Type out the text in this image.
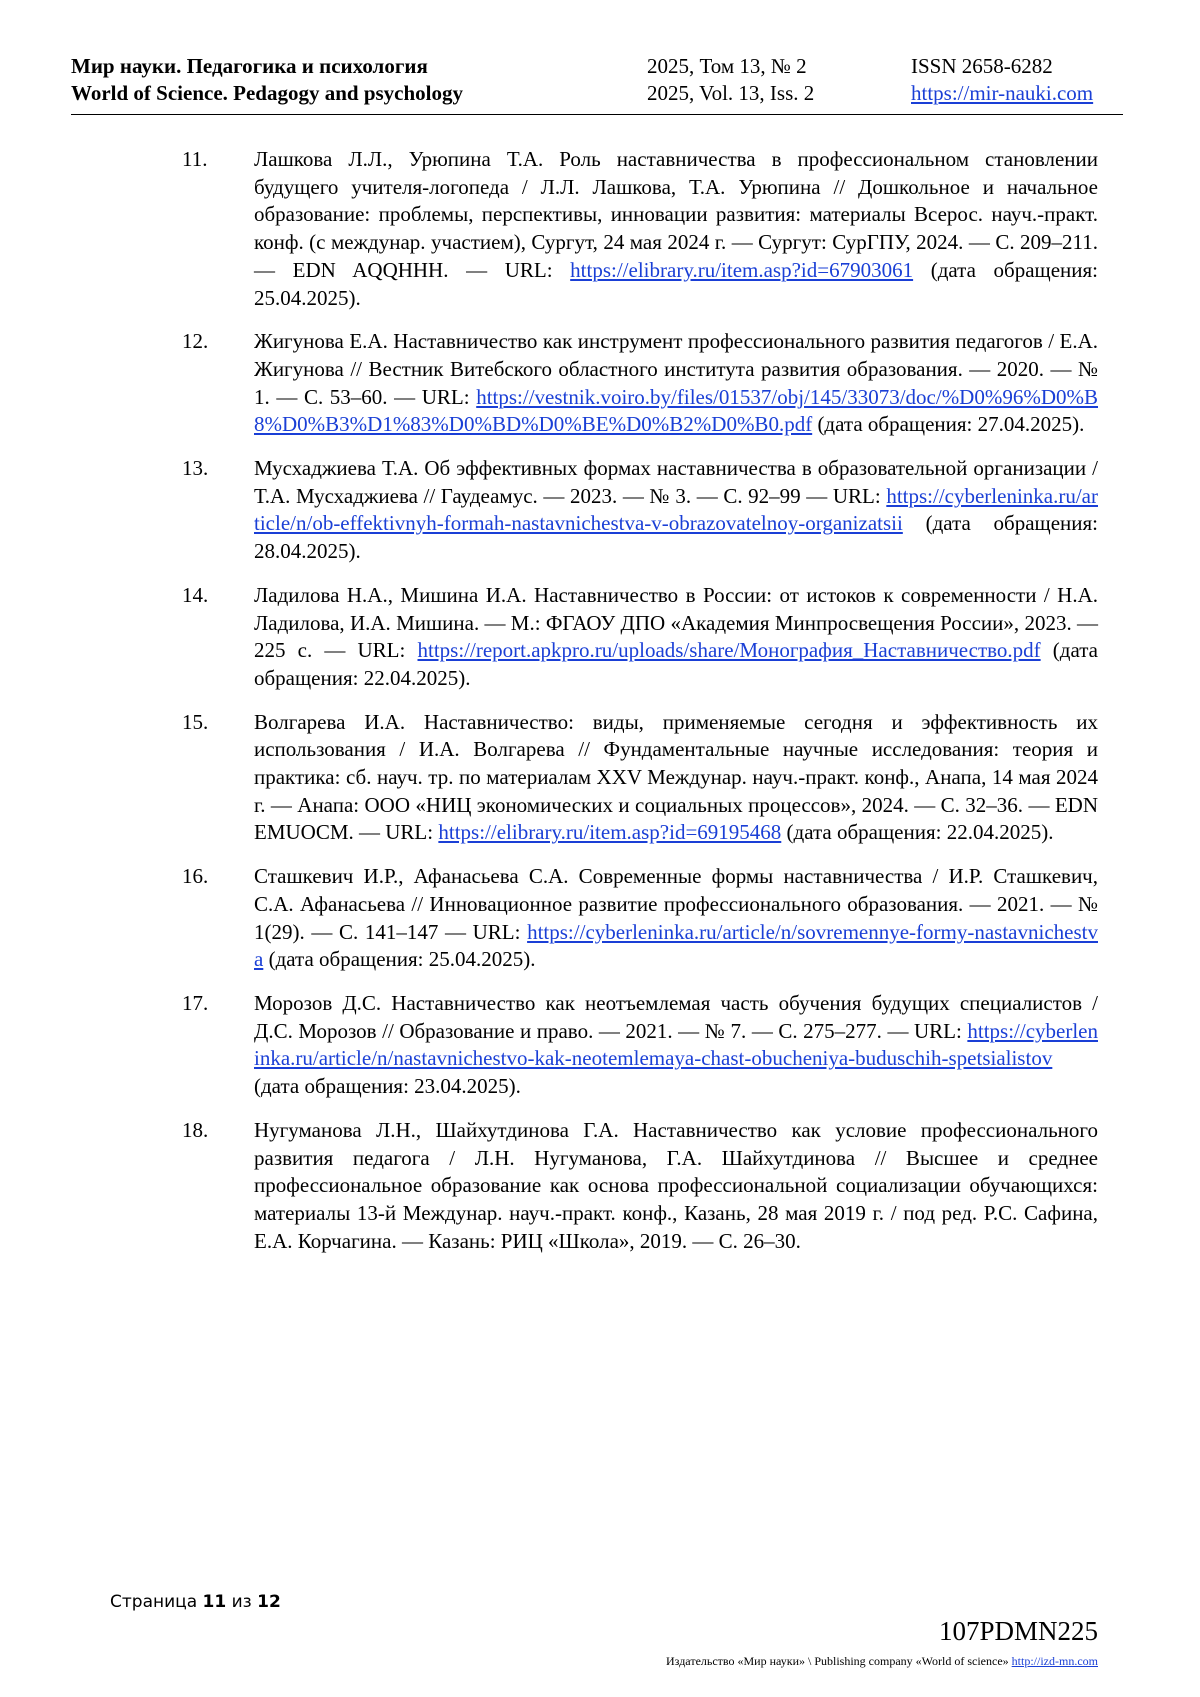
Мир науки. Педагогика и психология	2025, Том 13, № 2	ISSN 2658-6282
World of Science. Pedagogy and psychology	2025, Vol. 13, Iss. 2	https://mir-nauki.com
11. Лашкова Л.Л., Урюпина Т.А. Роль наставничества в профессиональном становлении будущего учителя-логопеда / Л.Л. Лашкова, Т.А. Урюпина // Дошкольное и начальное образование: проблемы, перспективы, инновации развития: материалы Всерос. науч.-практ. конф. (с междунар. участием), Сургут, 24 мая 2024 г. — Сургут: СурГПУ, 2024. — С. 209–211. — EDN AQQHHH. — URL: https://elibrary.ru/item.asp?id=67903061 (дата обращения: 25.04.2025).
12. Жигунова Е.А. Наставничество как инструмент профессионального развития педагогов / Е.А. Жигунова // Вестник Витебского областного института развития образования. — 2020. — № 1. — С. 53–60. — URL: https://vestnik.voiro.by/files/01537/obj/145/33073/doc/%D0%96%D0%B8%D0%B3%D1%83%D0%BD%D0%BE%D0%B2%D0%B0.pdf (дата обращения: 27.04.2025).
13. Мусхаджиева Т.А. Об эффективных формах наставничества в образовательной организации / Т.А. Мусхаджиева // Гаудеамус. — 2023. — № 3. — С. 92–99 — URL: https://cyberleninka.ru/article/n/ob-effektivnyh-formah-nastavnichestva-v-obrazovatelnoy-organizatsii (дата обращения: 28.04.2025).
14. Ладилова Н.А., Мишина И.А. Наставничество в России: от истоков к современности / Н.А. Ладилова, И.А. Мишина. — М.: ФГАОУ ДПО «Академия Минпросвещения России», 2023. — 225 с. — URL: https://report.apkpro.ru/uploads/share/Монография_Наставничество.pdf (дата обращения: 22.04.2025).
15. Волгарева И.А. Наставничество: виды, применяемые сегодня и эффективность их использования / И.А. Волгарева // Фундаментальные научные исследования: теория и практика: сб. науч. тр. по материалам XXV Междунар. науч.-практ. конф., Анапа, 14 мая 2024 г. — Анапа: ООО «НИЦ экономических и социальных процессов», 2024. — С. 32–36. — EDN EMUOCM. — URL: https://elibrary.ru/item.asp?id=69195468 (дата обращения: 22.04.2025).
16. Сташкевич И.Р., Афанасьева С.А. Современные формы наставничества / И.Р. Сташкевич, С.А. Афанасьева // Инновационное развитие профессионального образования. — 2021. — № 1(29). — С. 141–147 — URL: https://cyberleninka.ru/article/n/sovremennye-formy-nastavnichestva (дата обращения: 25.04.2025).
17. Морозов Д.С. Наставничество как неотъемлемая часть обучения будущих специалистов / Д.С. Морозов // Образование и право. — 2021. — № 7. — С. 275–277. — URL: https://cyberleninka.ru/article/n/nastavnichestvo-kak-neotemlemaya-chast-obucheniya-buduschih-spetsialistov (дата обращения: 23.04.2025).
18. Нугуманова Л.Н., Шайхутдинова Г.А. Наставничество как условие профессионального развития педагога / Л.Н. Нугуманова, Г.А. Шайхутдинова // Высшее и среднее профессиональное образование как основа профессиональной социализации обучающихся: материалы 13-й Междунар. науч.-практ. конф., Казань, 28 мая 2019 г. / под ред. Р.С. Сафина, Е.А. Корчагина. — Казань: РИЦ «Школа», 2019. — С. 26–30.
Страница 11 из 12
107PDMN225
Издательство «Мир науки» \ Publishing company «World of science» http://izd-mn.com
